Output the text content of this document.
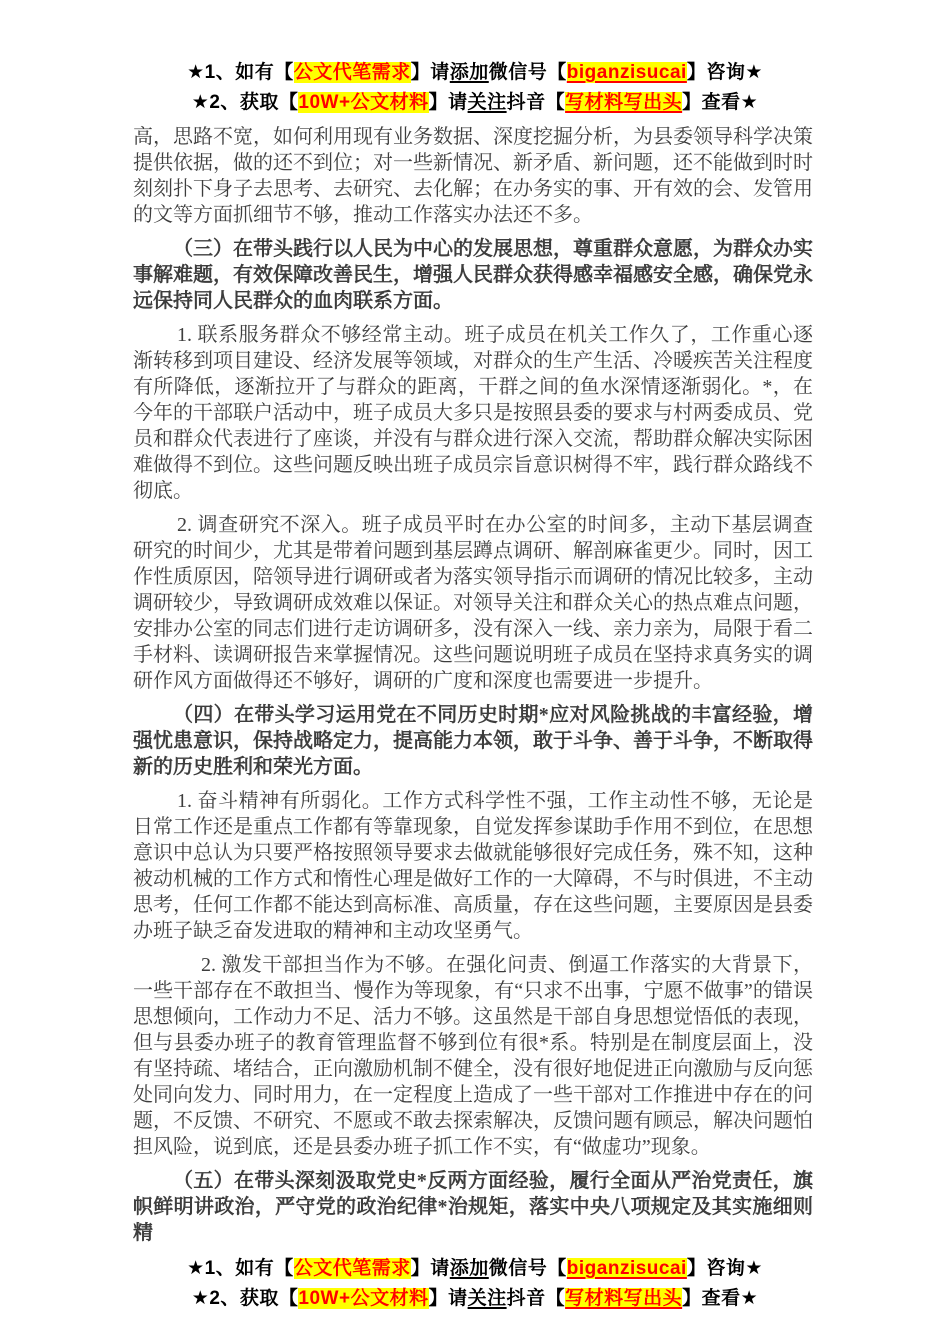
★1、如有【公文代笔需求】请添加微信号【biganzisucai】咨询★
★2、获取【10W+公文材料】请关注抖音【写材料写出头】查看★

高，思路不宽，如何利用现有业务数据、深度挖掘分析，为县委领导科学决策提供依据，做的还不到位；对一些新情况、新矛盾、新问题，还不能做到时时刻刻扑下身子去思考、去研究、去化解；在办务实的事、开有效的会、发管用的文等方面抓细节不够，推动工作落实办法还不多。

（三）在带头践行以人民为中心的发展思想，尊重群众意愿，为群众办实事解难题，有效保障改善民生，增强人民群众获得感幸福感安全感，确保党永远保持同人民群众的血肉联系方面。

1. 联系服务群众不够经常主动。班子成员在机关工作久了，工作重心逐渐转移到项目建设、经济发展等领域，对群众的生产生活、冷暖疾苦关注程度有所降低，逐渐拉开了与群众的距离，干群之间的鱼水深情逐渐弱化。*，在今年的干部联户活动中，班子成员大多只是按照县委的要求与村两委成员、党员和群众代表进行了座谈，并没有与群众进行深入交流，帮助群众解决实际困难做得不到位。这些问题反映出班子成员宗旨意识树得不牢，践行群众路线不彻底。

2. 调查研究不深入。班子成员平时在办公室的时间多，主动下基层调查研究的时间少，尤其是带着问题到基层蹲点调研、解剖麻雀更少。同时，因工作性质原因，陪领导进行调研或者为落实领导指示而调研的情况比较多，主动调研较少，导致调研成效难以保证。对领导关注和群众关心的热点难点问题，安排办公室的同志们进行走访调研多，没有深入一线、亲力亲为，局限于看二手材料、读调研报告来掌握情况。这些问题说明班子成员在坚持求真务实的调研作风方面做得还不够好，调研的广度和深度也需要进一步提升。

（四）在带头学习运用党在不同历史时期*应对风险挑战的丰富经验，增强忧患意识，保持战略定力，提高能力本领，敢于斗争、善于斗争，不断取得新的历史胜利和荣光方面。

1. 奋斗精神有所弱化。工作方式科学性不强，工作主动性不够，无论是日常工作还是重点工作都有等靠现象，自觉发挥参谋助手作用不到位，在思想意识中总认为只要严格按照领导要求去做就能够很好完成任务，殊不知，这种被动机械的工作方式和惰性心理是做好工作的一大障碍，不与时俱进，不主动思考，任何工作都不能达到高标准、高质量，存在这些问题，主要原因是县委办班子缺乏奋发进取的精神和主动攻坚勇气。

2. 激发干部担当作为不够。在强化问责、倒逼工作落实的大背景下，一些干部存在不敢担当、慢作为等现象，有“只求不出事，宁愿不做事”的错误思想倾向，工作动力不足、活力不够。这虽然是干部自身思想觉悟低的表现，但与县委办班子的教育管理监督不够到位有很*系。特别是在制度层面上，没有坚持疏、堵结合，正向激励机制不健全，没有很好地促进正向激励与反向惩处同向发力、同时用力，在一定程度上造成了一些干部对工作推进中存在的问题，不反馈、不研究、不愿或不敢去探索解决，反馈问题有顾忌，解决问题怕担风险，说到底，还是县委办班子抓工作不实，有“做虚功”现象。

（五）在带头深刻汲取党史*反两方面经验，履行全面从严治党责任，旗帜鲜明讲政治，严守党的政治纪律*治规矩，落实中央八项规定及其实施细则精

★1、如有【公文代笔需求】请添加微信号【biganzisucai】咨询★
★2、获取【10W+公文材料】请关注抖音【写材料写出头】查看★
